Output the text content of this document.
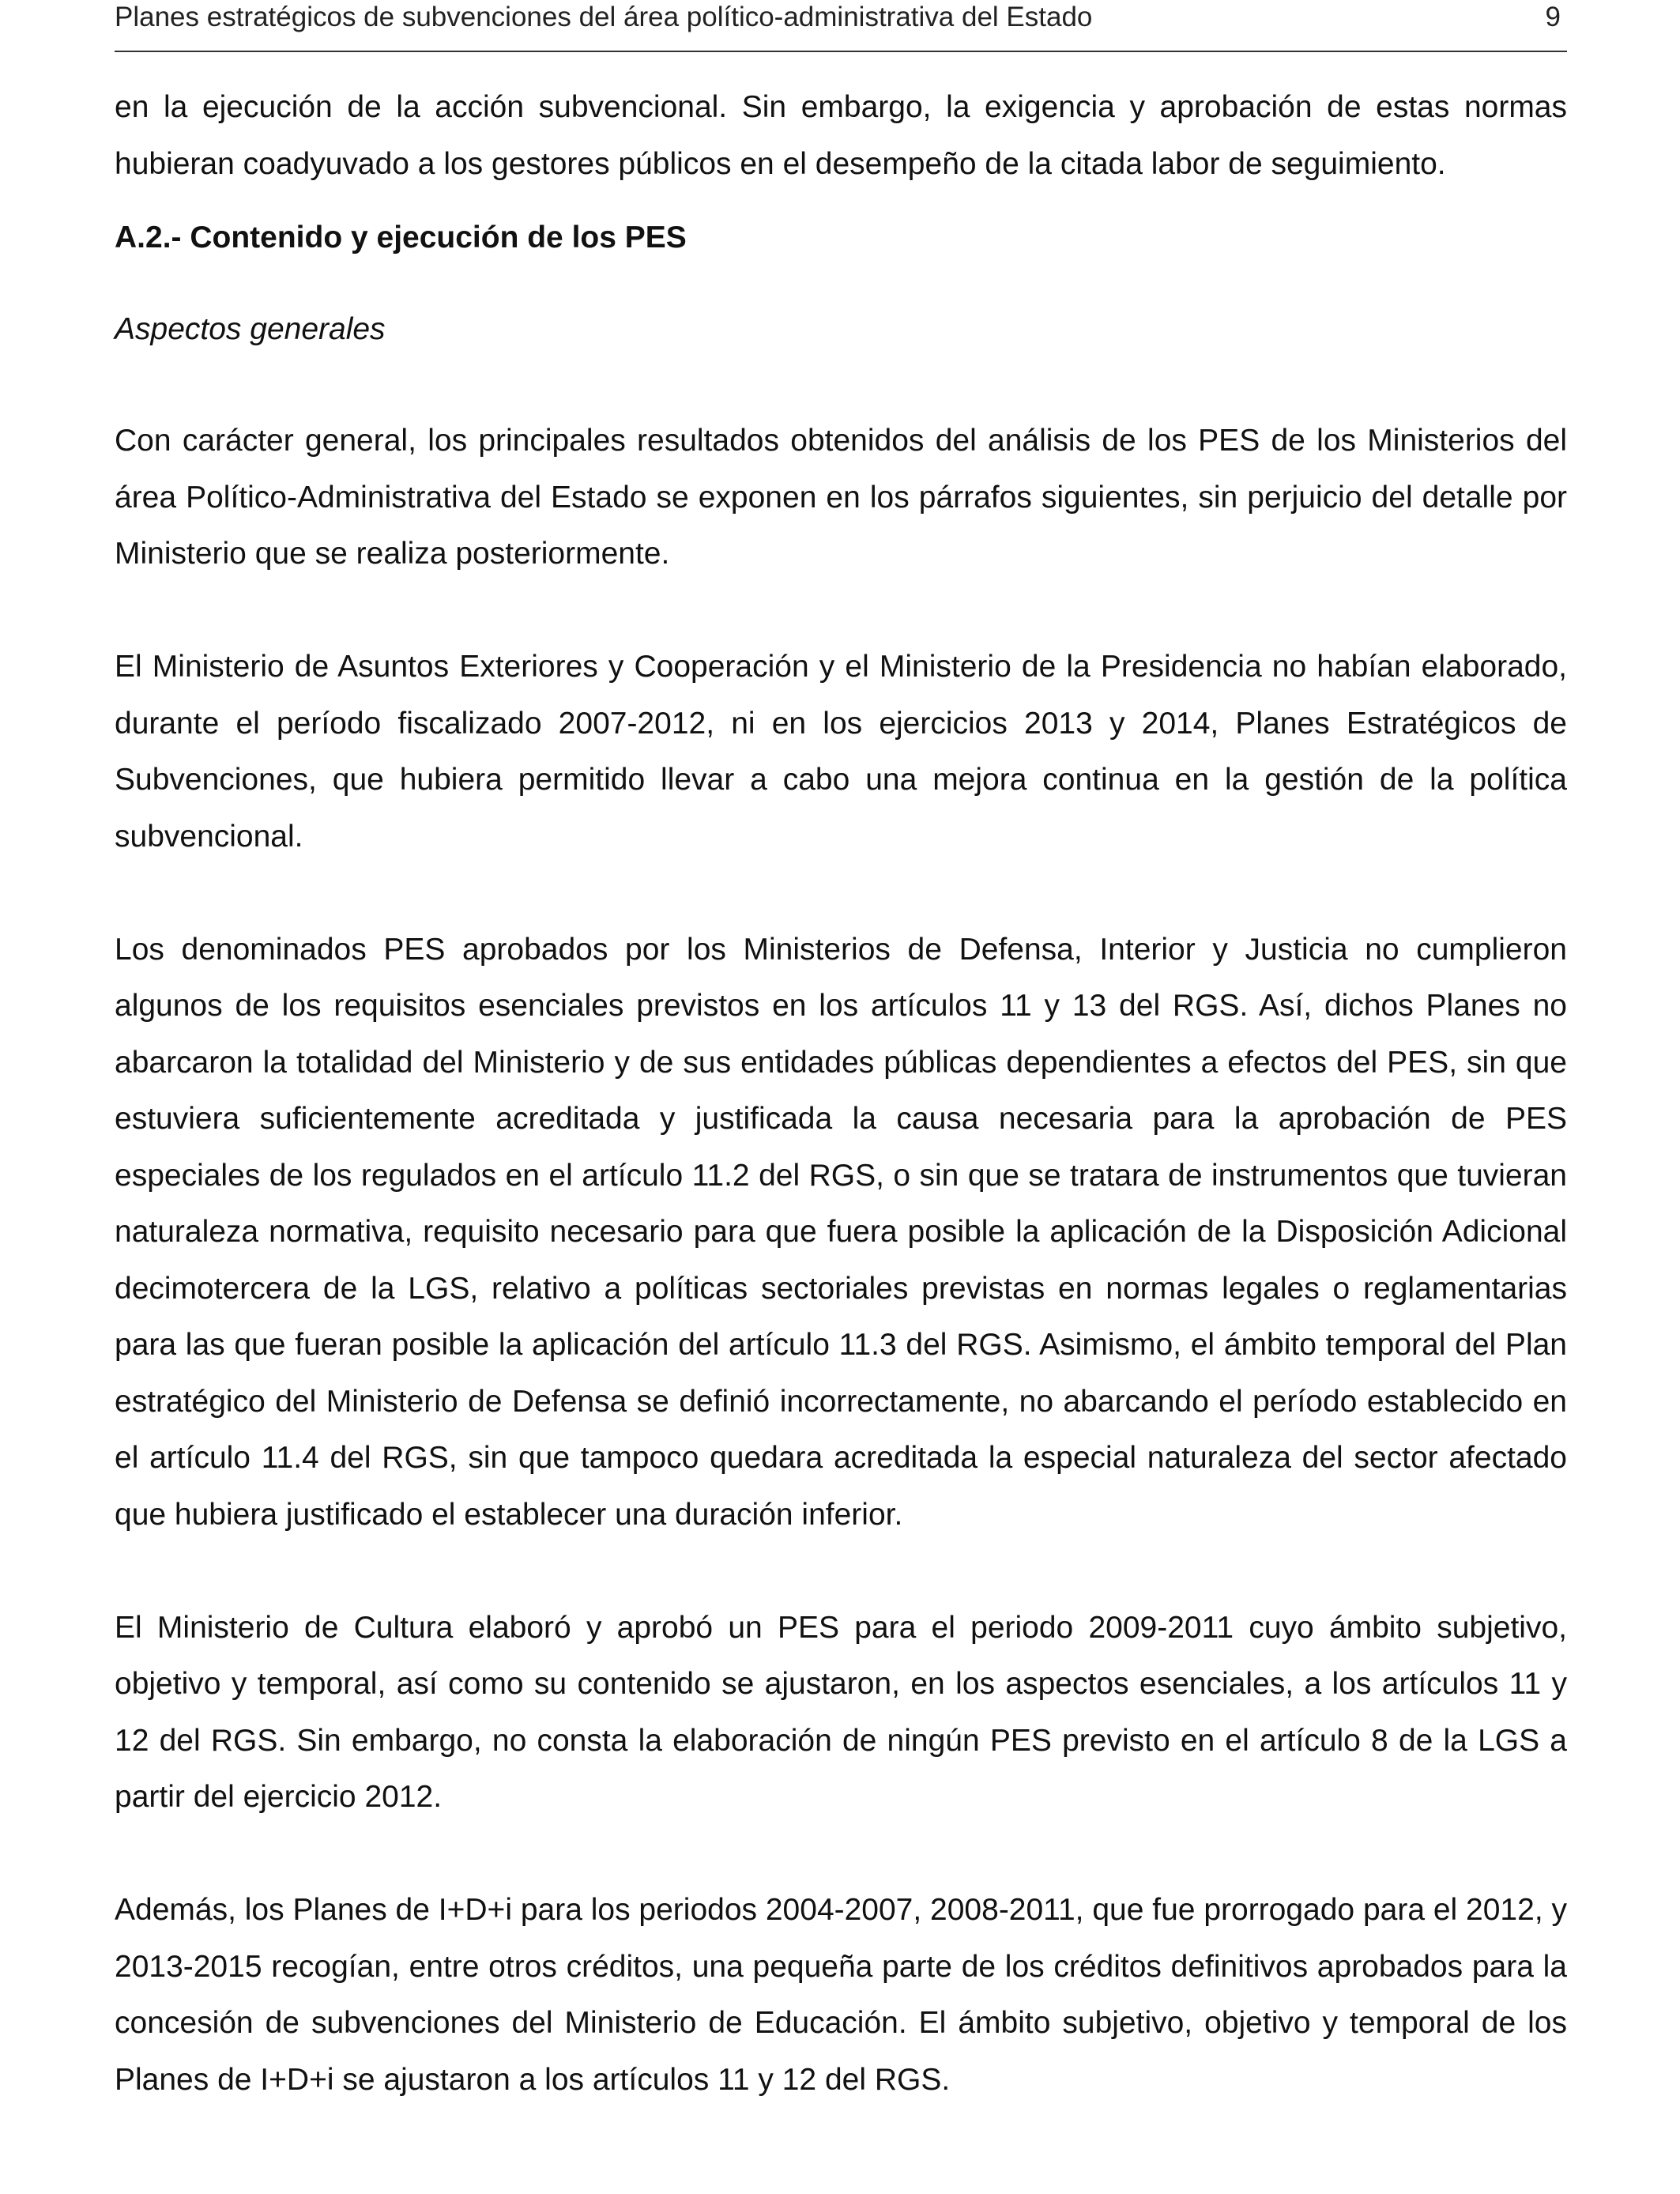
Planes estratégicos de subvenciones del área político-administrativa del Estado	9

en la ejecución de la acción subvencional. Sin embargo, la exigencia y aprobación de estas normas hubieran coadyuvado a los gestores públicos en el desempeño de la citada labor de seguimiento.

A.2.- Contenido y ejecución de los PES

Aspectos generales

Con carácter general, los principales resultados obtenidos del análisis de los PES de los Ministerios del área Político-Administrativa del Estado se exponen en los párrafos siguientes, sin perjuicio del detalle por Ministerio que se realiza posteriormente.

El Ministerio de Asuntos Exteriores y Cooperación y el Ministerio de la Presidencia no habían elaborado, durante el período fiscalizado 2007-2012, ni en los ejercicios 2013 y 2014, Planes Estratégicos de Subvenciones, que hubiera permitido llevar a cabo una mejora continua en la gestión de la política subvencional.

Los denominados PES aprobados por los Ministerios de Defensa, Interior y Justicia no cumplieron algunos de los requisitos esenciales previstos en los artículos 11 y 13 del RGS. Así, dichos Planes no abarcaron la totalidad del Ministerio y de sus entidades públicas dependientes a efectos del PES, sin que estuviera suficientemente acreditada y justificada la causa necesaria para la aprobación de PES especiales de los regulados en el artículo 11.2 del RGS, o sin que se tratara de instrumentos que tuvieran naturaleza normativa, requisito necesario para que fuera posible la aplicación de la Disposición Adicional decimotercera de la LGS, relativo a políticas sectoriales previstas en normas legales o reglamentarias para las que fueran posible la aplicación del artículo 11.3 del RGS. Asimismo, el ámbito temporal del Plan estratégico del Ministerio de Defensa se definió incorrectamente, no abarcando el período establecido en el artículo 11.4 del RGS, sin que tampoco quedara acreditada la especial naturaleza del sector afectado que hubiera justificado el establecer una duración inferior.

El Ministerio de Cultura elaboró y aprobó un PES para el periodo 2009-2011 cuyo ámbito subjetivo, objetivo y temporal, así como su contenido se ajustaron, en los aspectos esenciales, a los artículos 11 y 12 del RGS. Sin embargo, no consta la elaboración de ningún PES previsto en el artículo 8 de la LGS a partir del ejercicio 2012.

Además, los Planes de I+D+i para los periodos 2004-2007, 2008-2011, que fue prorrogado para el 2012, y 2013-2015 recogían, entre otros créditos, una pequeña parte de los créditos definitivos aprobados para la concesión de subvenciones del Ministerio de Educación. El ámbito subjetivo, objetivo y temporal de los Planes de I+D+i se ajustaron a los artículos 11 y 12 del RGS.
